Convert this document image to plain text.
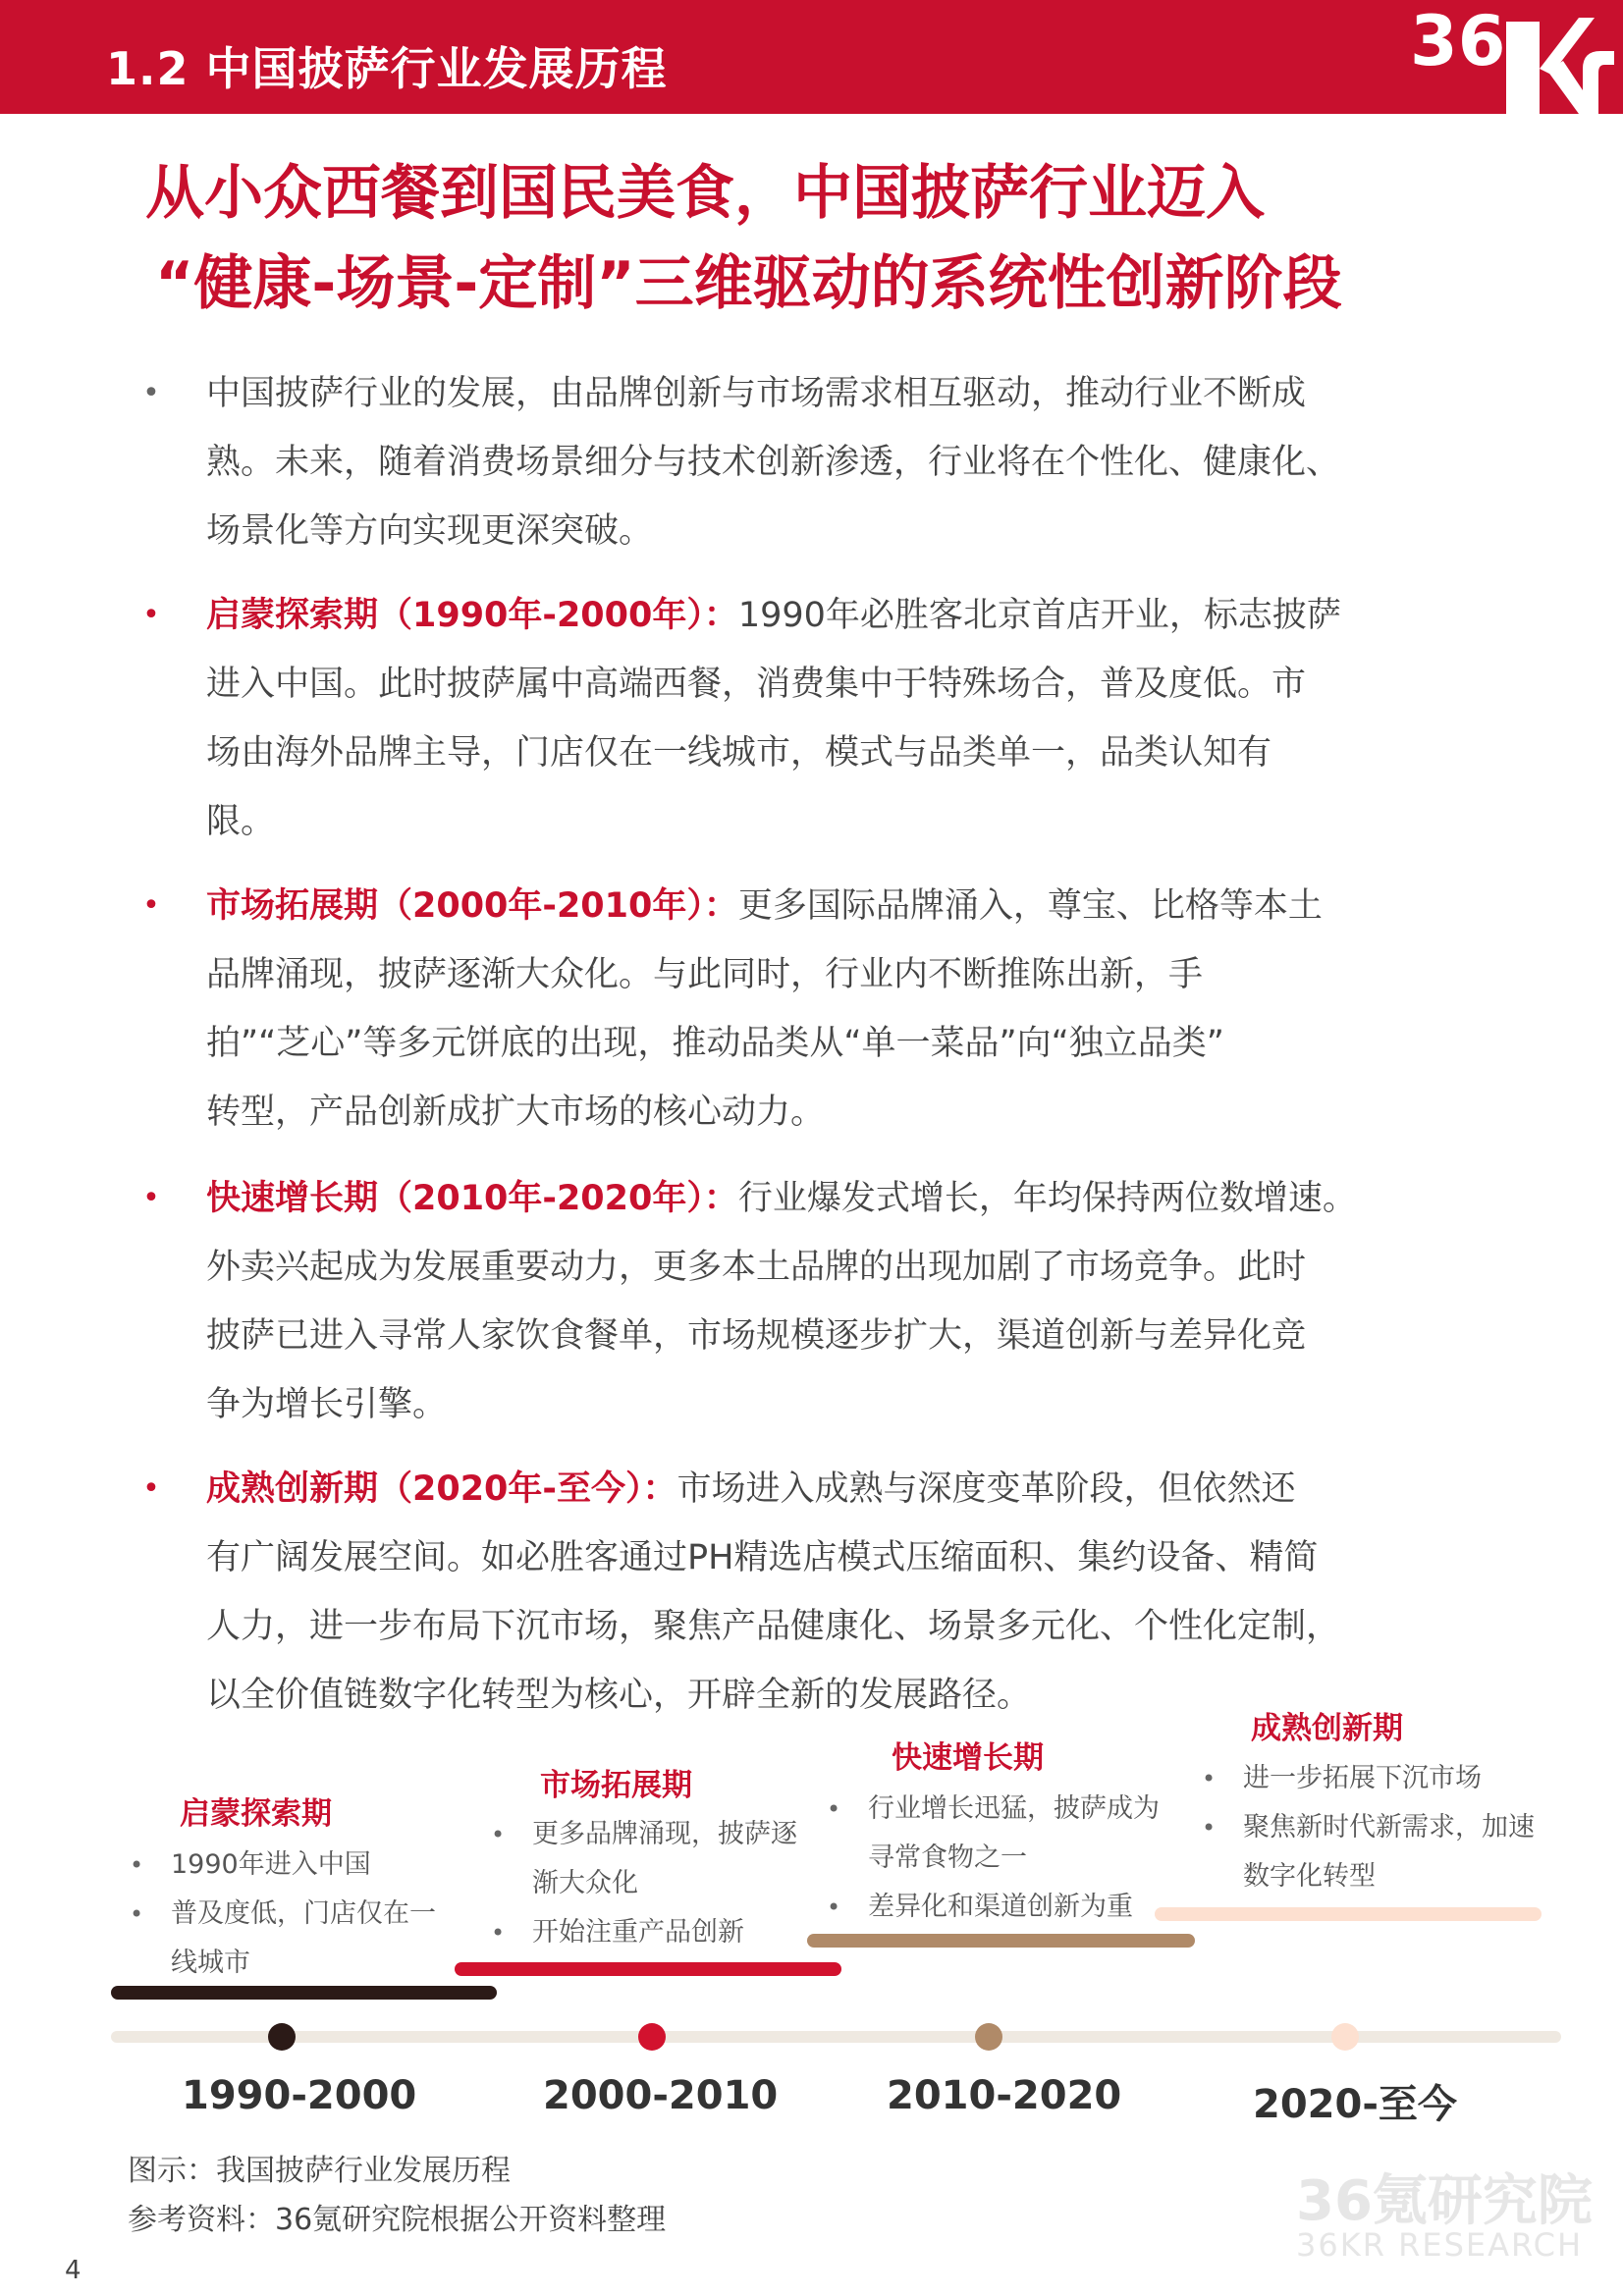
1.2 中国披萨行业发展历程	36
从小众西餐到国民美食，中国披萨行业迈入
“健康-场景-定制”三维驱动的系统性创新阶段

• 中国披萨行业的发展，由品牌创新与市场需求相互驱动，推动行业不断成
熟。未来，随着消费场景细分与技术创新渗透，行业将在个性化、健康化、
场景化等方向实现更深突破。

• 启蒙探索期（1990年-2000年）：1990年必胜客北京首店开业，标志披萨
进入中国。此时披萨属中高端西餐，消费集中于特殊场合，普及度低。市
场由海外品牌主导，门店仅在一线城市，模式与品类单一，品类认知有
限。

• 市场拓展期（2000年-2010年）：更多国际品牌涌入，尊宝、比格等本土
品牌涌现，披萨逐渐大众化。与此同时，行业内不断推陈出新，手
拍”“芝心”等多元饼底的出现，推动品类从“单一菜品”向“独立品类”
转型，产品创新成扩大市场的核心动力。

• 快速增长期（2010年-2020年）：行业爆发式增长，年均保持两位数增速。
外卖兴起成为发展重要动力，更多本土品牌的出现加剧了市场竞争。此时
披萨已进入寻常人家饮食餐单，市场规模逐步扩大，渠道创新与差异化竞
争为增长引擎。

• 成熟创新期（2020年-至今）：市场进入成熟与深度变革阶段，但依然还
有广阔发展空间。如必胜客通过PH精选店模式压缩面积、集约设备、精简
人力，进一步布局下沉市场，聚焦产品健康化、场景多元化、个性化定制，
以全价值链数字化转型为核心，开辟全新的发展路径。

启蒙探索期
• 1990年进入中国
• 普及度低，门店仅在一线城市
市场拓展期
• 更多品牌涌现，披萨逐渐大众化
• 开始注重产品创新
快速增长期
• 行业增长迅猛，披萨成为寻常食物之一
• 差异化和渠道创新为重
成熟创新期
• 进一步拓展下沉市场
• 聚焦新时代新需求，加速数字化转型
1990-2000	2000-2010	2010-2020	2020-至今
图示：我国披萨行业发展历程
参考资料：36氪研究院根据公开资料整理	36氪研究院
36KR RESEARCH
4
